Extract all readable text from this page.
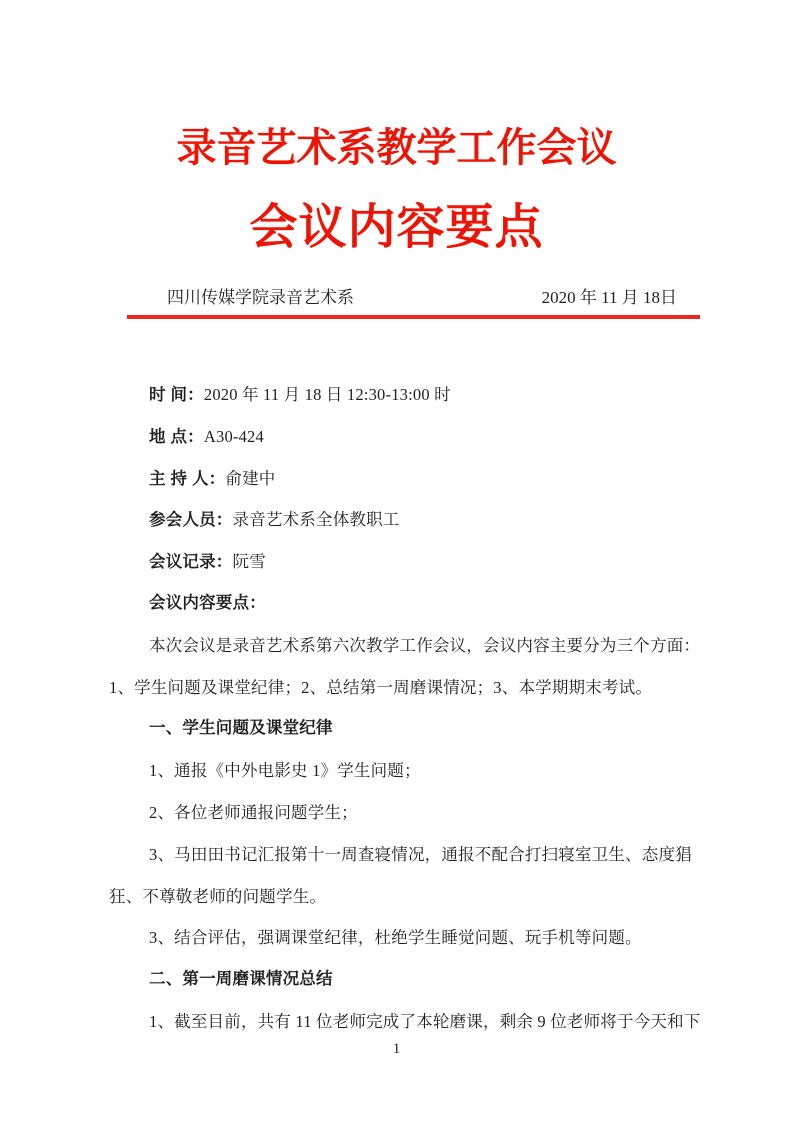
录音艺术系教学工作会议
会议内容要点
四川传媒学院录音艺术系	2020 年 11 月 18日
时 间：2020 年 11 月 18 日 12:30-13:00 时
地 点：A30-424
主 持 人：俞建中
参会人员：录音艺术系全体教职工
会议记录：阮雪
会议内容要点：
本次会议是录音艺术系第六次教学工作会议，会议内容主要分为三个方面：
1、学生问题及课堂纪律；2、总结第一周磨课情况；3、本学期期末考试。
一、学生问题及课堂纪律
1、通报《中外电影史 1》学生问题；
2、各位老师通报问题学生；
3、马田田书记汇报第十一周查寝情况，通报不配合打扫寝室卫生、态度猖
狂、不尊敬老师的问题学生。
3、结合评估，强调课堂纪律，杜绝学生睡觉问题、玩手机等问题。
二、第一周磨课情况总结
1、截至目前，共有 11 位老师完成了本轮磨课，剩余 9 位老师将于今天和下
1
